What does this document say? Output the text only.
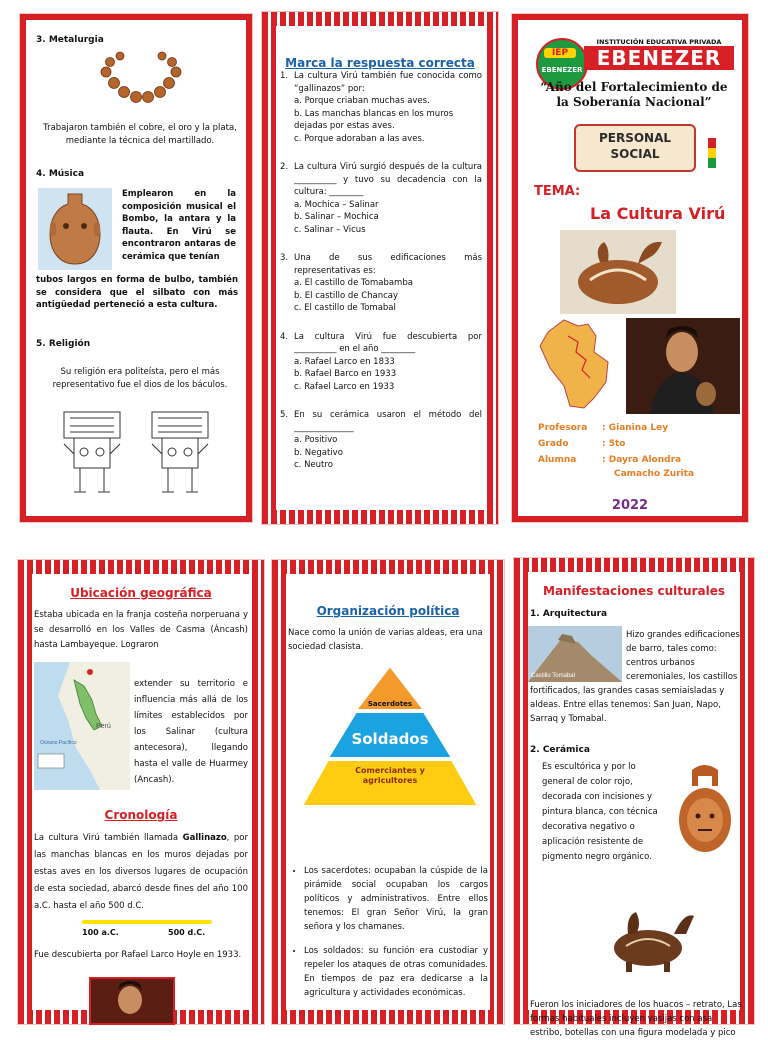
3. Metalurgia
Trabajaron también el cobre, el oro y la plata, mediante la técnica del martillado.
4. Música
Emplearon en la composición musical el Bombo, la antara y la flauta. En Virú se encontraron antaras de cerámica que tenían
tubos largos en forma de bulbo, también se considera que el silbato con más antigüedad perteneció a esta cultura.
5. Religión
Su religión era politeísta, pero el más representativo fue el dios de los báculos.
Marca la respuesta correcta
1. La cultura Virú también fue conocida como “gallinazos” por:
a. Porque criaban muchas aves.
b. Las manchas blancas en los muros dejadas por estas aves.
c. Porque adoraban a las aves.
2. La cultura Virú surgió después de la cultura __________ y tuvo su decadencia con la cultura: ________
a. Mochica – Salinar
b. Salinar – Mochica
c. Salinar – Vicus
3. Una de sus edificaciones más representativas es:
a. El castillo de Tomabamba
b. El castillo de Chancay
c. El castillo de Tomabal
4. La cultura Virú fue descubierta por __________ en el año ________
a. Rafael Larco en 1833
b. Rafael Barco en 1933
c. Rafael Larco en 1933
5. En su cerámica usaron el método del ______________
a. Positivo
b. Negativo
c. Neutro
IEP
EBENEZER
INSTITUCIÓN EDUCATIVA PRIVADA
EBENEZER
“Año del Fortalecimiento de la Soberanía Nacional”
PERSONAL SOCIAL
TEMA:
La Cultura Virú
Profesora : Gianina Ley
Grado	: 5to
Alumna	: Dayra Alondra
Camacho Zurita
2022
Ubicación geográfica
Estaba ubicada en la franja costeña norperuana y se desarrolló en los Valles de Casma (Áncash) hasta Lambayeque. Lograron
Perú
Océano Pacífico
extender su territorio e influencia más allá de los límites establecidos por los Salinar (cultura antecesora), llegando hasta el valle de Huarmey (Ancash).
Cronología
La cultura Virú también llamada Gallinazo, por las manchas blancas en los muros dejadas por estas aves en los diversos lugares de ocupación de esta sociedad, abarcó desde fines del año 100 a.C. hasta el año 500 d.C.
100 a.C.	500 d.C.
Fue descubierta por Rafael Larco Hoyle en 1933.
Organización política
Nace como la unión de varias aldeas, era una sociedad clasista.
Sacerdotes
Soldados
Comerciantes y agricultores
• Los sacerdotes: ocupaban la cúspide de la pirámide social ocupaban los cargos políticos y administrativos. Entre ellos tenemos: El gran Señor Virú, la gran señora y los chamanes.
• Los soldados: su función era custodiar y repeler los ataques de otras comunidades. En tiempos de paz era dedicarse a la agricultura y actividades económicas.
Manifestaciones culturales
1. Arquitectura
Castillo Tomabal
Hizo grandes edificaciones de barro, tales como: centros urbanos ceremoniales, los castillos
fortificados, las grandes casas semiaisladas y aldeas. Entre ellas tenemos: San Juan, Napo, Sarraq y Tomabal.
2. Cerámica
Es escultórica y por lo general de color rojo, decorada con incisiones y pintura blanca, con técnica decorativa negativo o aplicación resistente de pigmento negro orgánico.
Fueron los iniciadores de los huacos – retrato, Las formas habituales incluyen vasijas con asa estribo, botellas con una figura modelada y pico
